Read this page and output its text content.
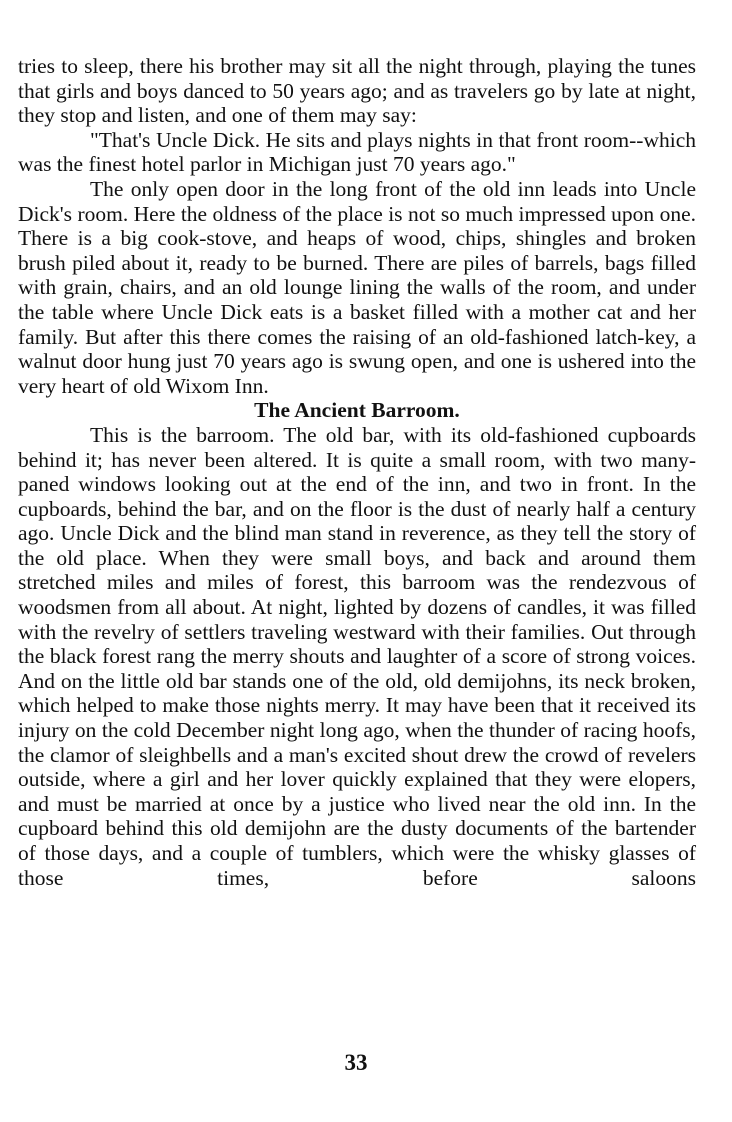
tries to sleep, there his brother may sit all the night through, playing the tunes that girls and boys danced to 50 years ago; and as travelers go by late at night, they stop and listen, and one of them may say:

"That's Uncle Dick. He sits and plays nights in that front room--which was the finest hotel parlor in Michigan just 70 years ago."

The only open door in the long front of the old inn leads into Uncle Dick's room. Here the oldness of the place is not so much impressed upon one. There is a big cook-stove, and heaps of wood, chips, shingles and broken brush piled about it, ready to be burned. There are piles of barrels, bags filled with grain, chairs, and an old lounge lining the walls of the room, and under the table where Uncle Dick eats is a basket filled with a mother cat and her family. But after this there comes the raising of an old-fashioned latch-key, a walnut door hung just 70 years ago is swung open, and one is ushered into the very heart of old Wixom Inn.

The Ancient Barroom.

This is the barroom. The old bar, with its old-fashioned cupboards behind it; has never been altered. It is quite a small room, with two many-paned windows looking out at the end of the inn, and two in front. In the cupboards, behind the bar, and on the floor is the dust of nearly half a century ago. Uncle Dick and the blind man stand in reverence, as they tell the story of the old place. When they were small boys, and back and around them stretched miles and miles of forest, this barroom was the rendezvous of woodsmen from all about. At night, lighted by dozens of candles, it was filled with the revelry of settlers traveling westward with their families. Out through the black forest rang the merry shouts and laughter of a score of strong voices. And on the little old bar stands one of the old, old demijohns, its neck broken, which helped to make those nights merry. It may have been that it received its injury on the cold December night long ago, when the thunder of racing hoofs, the clamor of sleighbells and a man's excited shout drew the crowd of revelers outside, where a girl and her lover quickly explained that they were elopers, and must be married at once by a justice who lived near the old inn. In the cupboard behind this old demijohn are the dusty documents of the bartender of those days, and a couple of tumblers, which were the whisky glasses of those times, before saloons

33
